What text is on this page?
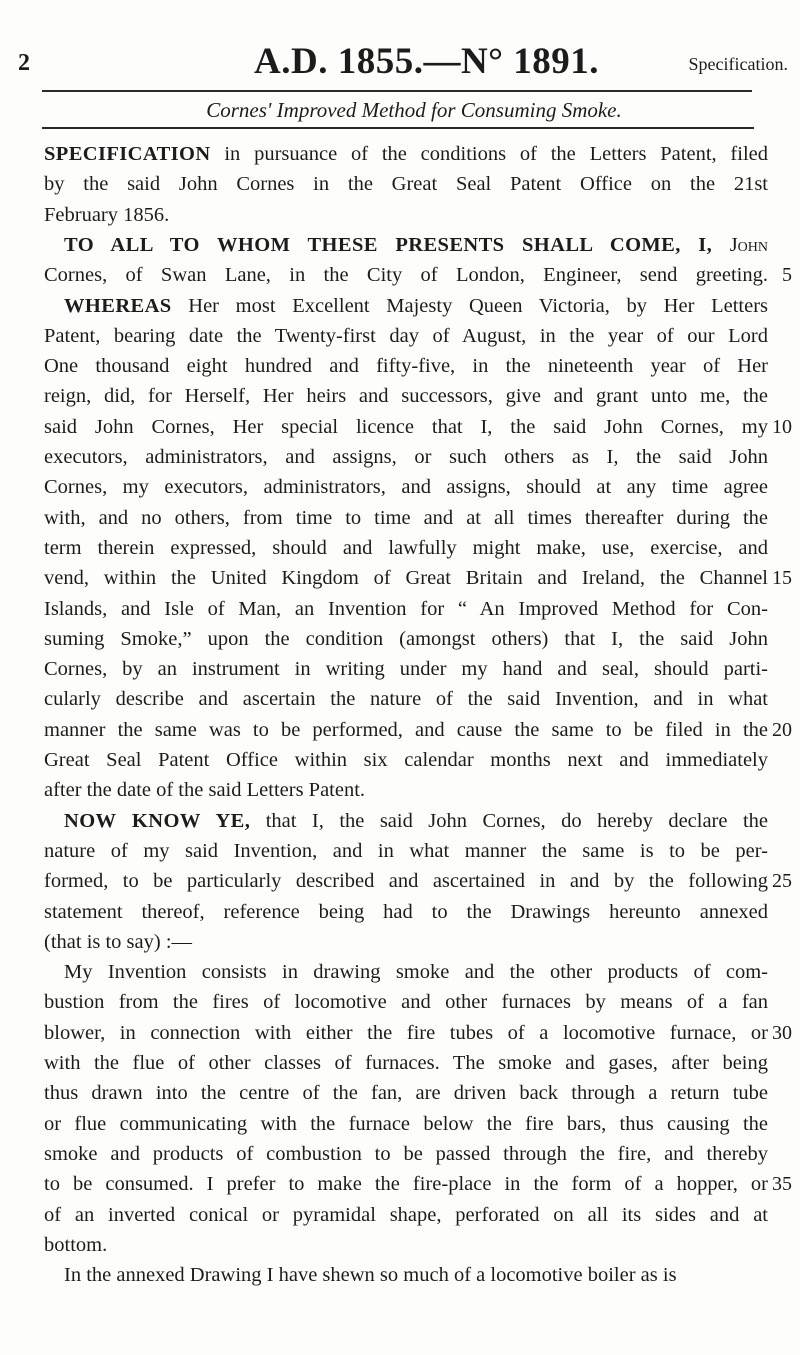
2	A.D. 1855.—N° 1891.	Specification.
Cornes' Improved Method for Consuming Smoke.
SPECIFICATION in pursuance of the conditions of the Letters Patent, filed
by the said John Cornes in the Great Seal Patent Office on the 21st
February 1856.
TO ALL TO WHOM THESE PRESENTS SHALL COME, I, John
Cornes, of Swan Lane, in the City of London, Engineer, send greeting.
WHEREAS Her most Excellent Majesty Queen Victoria, by Her Letters
Patent, bearing date the Twenty-first day of August, in the year of our Lord
One thousand eight hundred and fifty-five, in the nineteenth year of Her
reign, did, for Herself, Her heirs and successors, give and grant unto me, the
said John Cornes, Her special licence that I, the said John Cornes, my
executors, administrators, and assigns, or such others as I, the said John
Cornes, my executors, administrators, and assigns, should at any time agree
with, and no others, from time to time and at all times thereafter during the
term therein expressed, should and lawfully might make, use, exercise, and
vend, within the United Kingdom of Great Britain and Ireland, the Channel
Islands, and Isle of Man, an Invention for “ An Improved Method for Con-
suming Smoke,” upon the condition (amongst others) that I, the said John
Cornes, by an instrument in writing under my hand and seal, should parti-
cularly describe and ascertain the nature of the said Invention, and in what
manner the same was to be performed, and cause the same to be filed in the
Great Seal Patent Office within six calendar months next and immediately
after the date of the said Letters Patent.
NOW KNOW YE, that I, the said John Cornes, do hereby declare the
nature of my said Invention, and in what manner the same is to be per-
formed, to be particularly described and ascertained in and by the following
statement thereof, reference being had to the Drawings hereunto annexed
(that is to say) :—
My Invention consists in drawing smoke and the other products of com-
bustion from the fires of locomotive and other furnaces by means of a fan
blower, in connection with either the fire tubes of a locomotive furnace, or
with the flue of other classes of furnaces. The smoke and gases, after being
thus drawn into the centre of the fan, are driven back through a return tube
or flue communicating with the furnace below the fire bars, thus causing the
smoke and products of combustion to be passed through the fire, and thereby
to be consumed. I prefer to make the fire-place in the form of a hopper, or
of an inverted conical or pyramidal shape, perforated on all its sides and at
bottom.
In the annexed Drawing I have shewn so much of a locomotive boiler as is
5
10
15
20
25
30
35
